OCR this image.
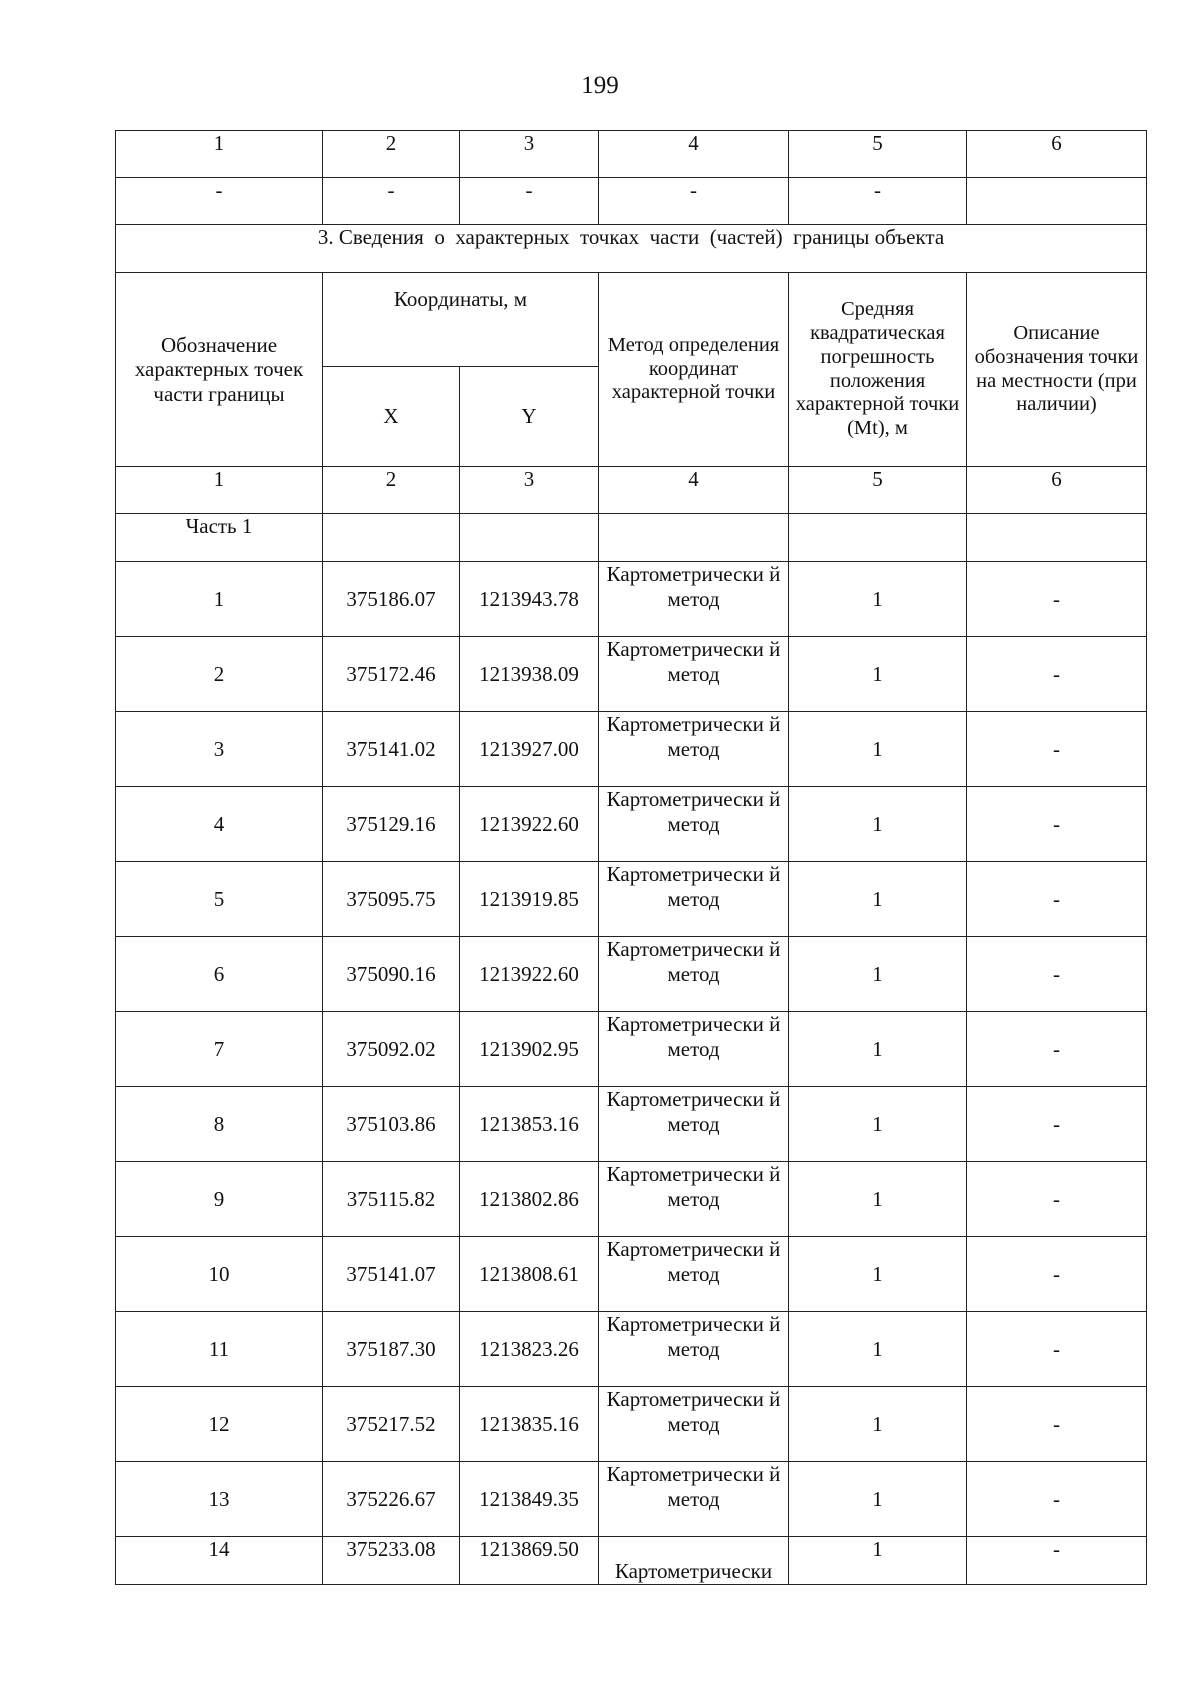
199
1	2	3	4	5	6
-	-	-	-	-	
3. Сведения  о  характерных  точках  части  (частей)  границы объекта					
Обозначение характерных точек части границы	Координаты, м		Метод определения координат характерной точки	Средняя квадратическая погрешность положения характерной точки (Mt), м	Описание обозначения точки на местности (при наличии)
	X	Y			
1	2	3	4	5	6
Часть 1					
1	375186.07	1213943.78	Картометрически й метод	1	-
2	375172.46	1213938.09	Картометрически й метод	1	-
3	375141.02	1213927.00	Картометрически й метод	1	-
4	375129.16	1213922.60	Картометрически й метод	1	-
5	375095.75	1213919.85	Картометрически й метод	1	-
6	375090.16	1213922.60	Картометрически й метод	1	-
7	375092.02	1213902.95	Картометрически й метод	1	-
8	375103.86	1213853.16	Картометрически й метод	1	-
9	375115.82	1213802.86	Картометрически й метод	1	-
10	375141.07	1213808.61	Картометрически й метод	1	-
11	375187.30	1213823.26	Картометрически й метод	1	-
12	375217.52	1213835.16	Картометрически й метод	1	-
13	375226.67	1213849.35	Картометрически й метод	1	-
14	375233.08	1213869.50	Картометрически	1	-
